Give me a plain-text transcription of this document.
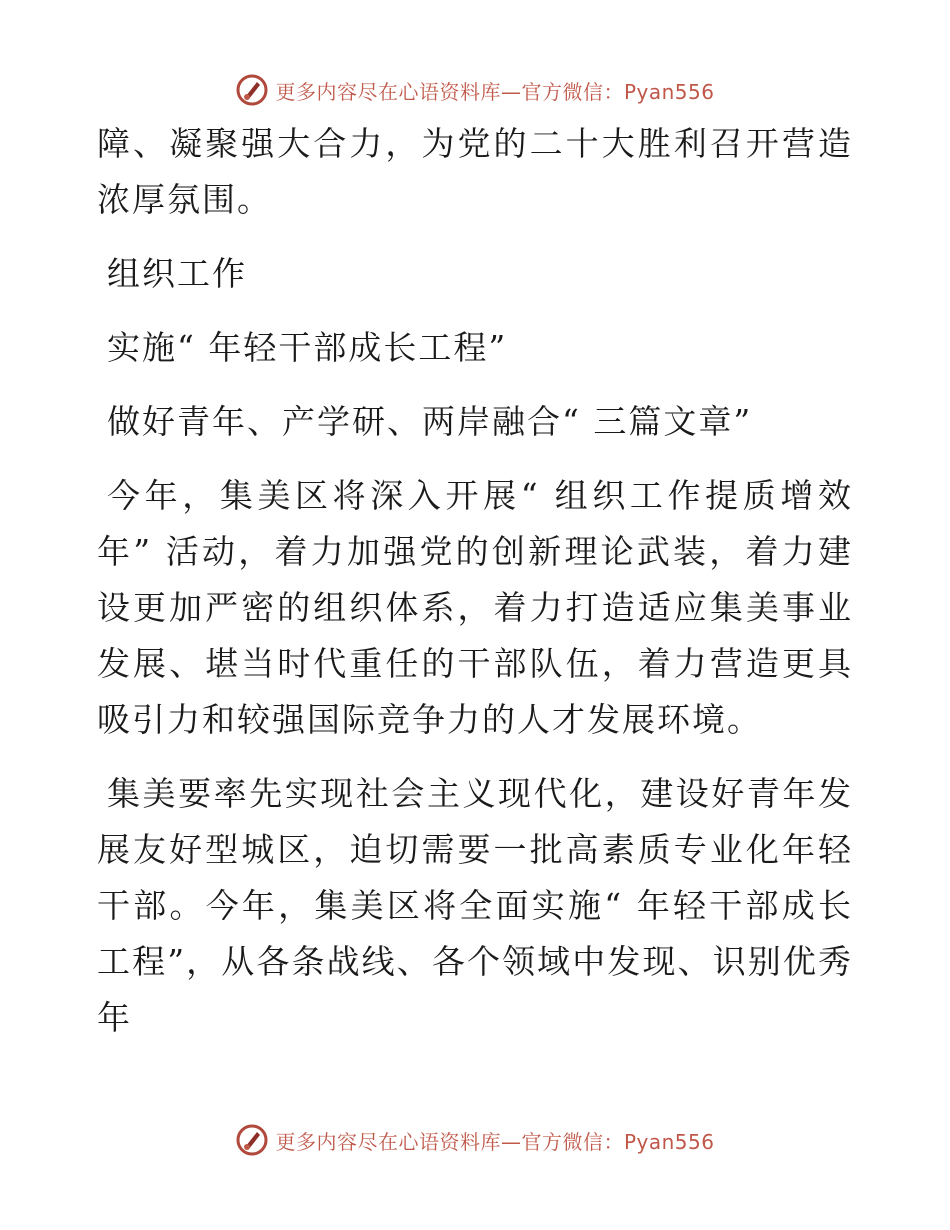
更多内容尽在心语资料库—官方微信：Pyan556

障、凝聚强大合力，为党的二十大胜利召开营造浓厚氛围。

组织工作

实施“ 年轻干部成长工程”

做好青年、产学研、两岸融合“ 三篇文章”

今年，集美区将深入开展“ 组织工作提质增效年” 活动，着力加强党的创新理论武装，着力建设更加严密的组织体系，着力打造适应集美事业发展、堪当时代重任的干部队伍，着力营造更具吸引力和较强国际竞争力的人才发展环境。

集美要率先实现社会主义现代化，建设好青年发展友好型城区，迫切需要一批高素质专业化年轻干部。今年，集美区将全面实施“ 年轻干部成长工程”，从各条战线、各个领域中发现、识别优秀年

更多内容尽在心语资料库—官方微信：Pyan556
